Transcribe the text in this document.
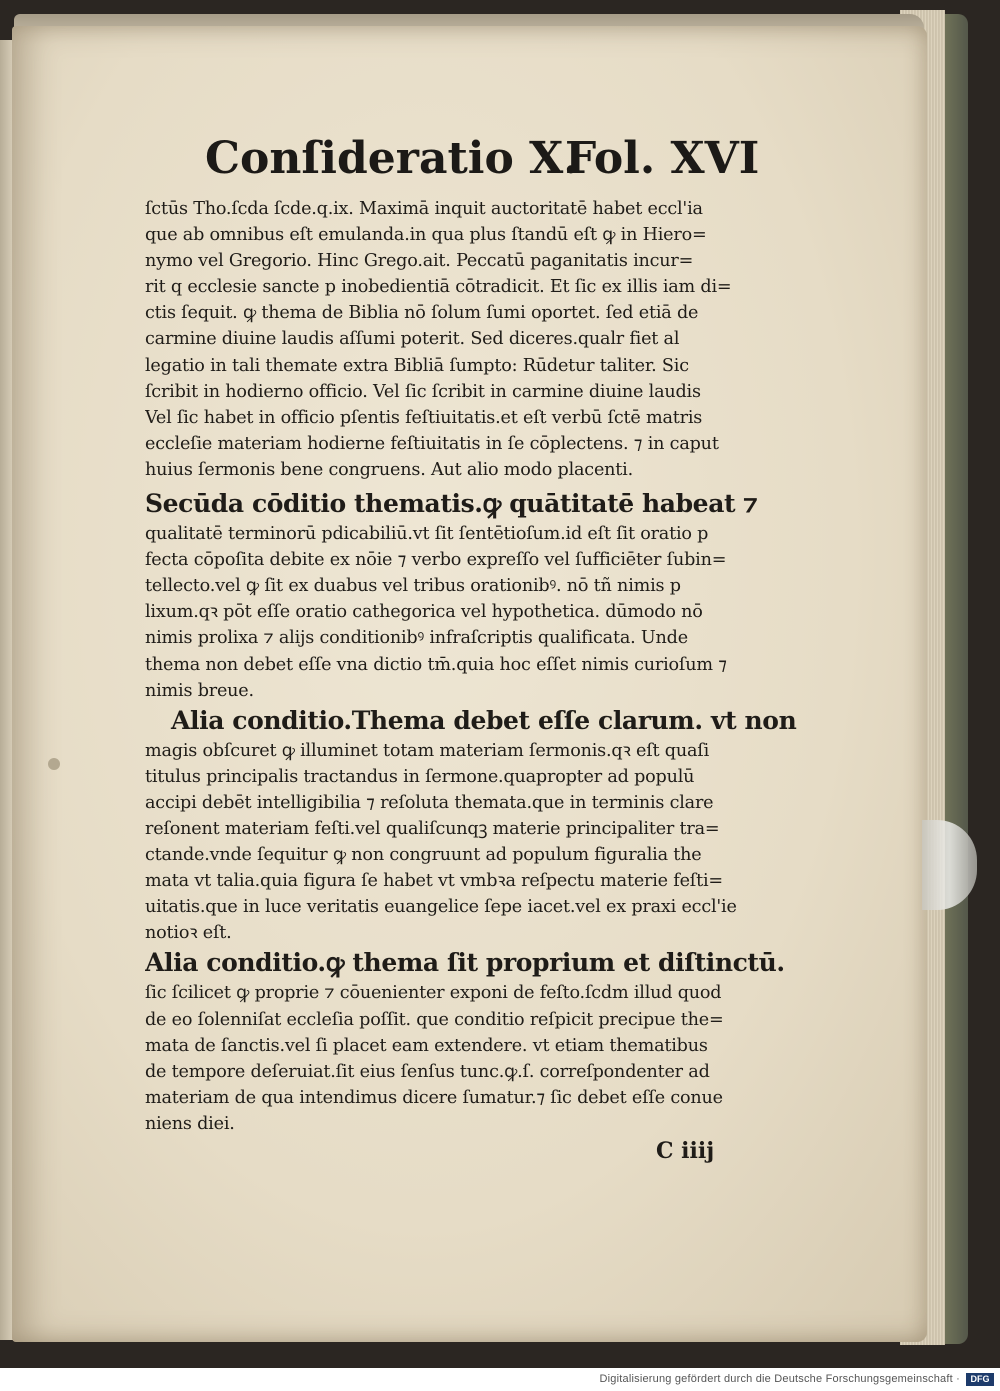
Conſideratio X.
Fol. XVI
ſctūs Tho.ſcda ſcde.q.ix. Maximā inquit auctoritatē habet eccl'ia
que ab omnibus eſt emulanda.in qua plus ſtandū eſt ꝙ in Hiero=
nymo vel Gregorio. Hinc Grego.ait. Peccatū paganitatis incur=
rit q ecclesie sancte p inobedientiā cōtradicit. Et ſic ex illis iam di=
ctis ſequit. ꝙ thema de Biblia nō ſolum ſumi oportet. ſed etiā de
carmine diuine laudis aſſumi poterit. Sed diceres.qualr fiet al
legatio in tali themate extra Bibliā ſumpto: Rūdetur taliter. Sic
ſcribit in hodierno officio. Vel ſic ſcribit in carmine diuine laudis
Vel ſic habet in officio pſentis feſtiuitatis.et eſt verbū ſctē matris
eccleſie materiam hodierne feſtiuitatis in ſe cōplectens. ⁊ in caput
huius ſermonis bene congruens. Aut alio modo placenti.
Secūda cōditio thematis.ꝙ quātitatē habeat ⁊
qualitatē terminorū pdicabiliū.vt ſit ſentētioſum.id eſt ſit oratio p
fecta cōpoſita debite ex nōie ⁊ verbo expreſſo vel ſufficiēter ſubin=
tellecto.vel ꝙ ſit ex duabus vel tribus orationibꝰ. nō tñ nimis p
lixum.qꝛ pōt eſſe oratio cathegorica vel hypothetica. dūmodo nō
nimis prolixa ⁊ alijs conditionibꝰ infraſcriptis qualificata. Unde
thema non debet eſſe vna dictio tm̄.quia hoc eſſet nimis curioſum ⁊
nimis breue.
Alia conditio.Thema debet eſſe clarum. vt non
magis obſcuret ꝙ illuminet totam materiam ſermonis.qꝛ eſt quaſi
titulus principalis tractandus in ſermone.quapropter ad populū
accipi debēt intelligibilia ⁊ reſoluta themata.que in terminis clare
reſonent materiam feſti.vel qualiſcunqꝫ materie principaliter tra=
ctande.vnde ſequitur ꝙ non congruunt ad populum figuralia the
mata vt talia.quia figura ſe habet vt vmbꝛa reſpectu materie feſti=
uitatis.que in luce veritatis euangelice ſepe iacet.vel ex praxi eccl'ie
notioꝛ eſt.
Alia conditio.ꝙ thema ſit proprium et diſtinctū.
ſic ſcilicet ꝙ proprie ⁊ cōuenienter exponi de feſto.ſcdm illud quod
de eo ſolenniſat eccleſia poſſit. que conditio reſpicit precipue the=
mata de ſanctis.vel ſi placet eam extendere. vt etiam thematibus
de tempore deſeruiat.ſit eius ſenſus tunc.ꝙ.ſ. correſpondenter ad
materiam de qua intendimus dicere ſumatur.⁊ ſic debet eſſe conue
niens diei.
C iiij
Digitalisierung gefördert durch die Deutsche Forschungsgemeinschaft ·	DFG
